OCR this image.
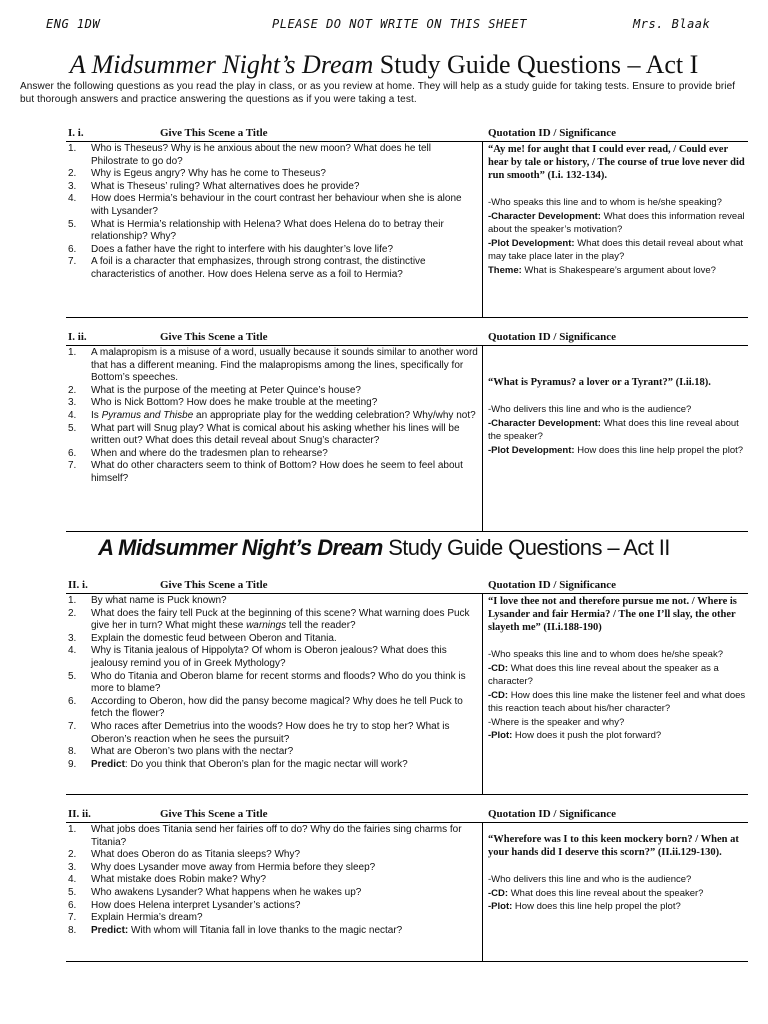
ENG 1DW	PLEASE DO NOT WRITE ON THIS SHEET	Mrs. Blaak
A Midsummer Night’s Dream Study Guide Questions – Act I
Answer the following questions as you read the play in class, or as you review at home. They will help as a study guide for taking tests. Ensure to provide brief but thorough answers and practice answering the questions as if you were taking a test.
I. i.	Give This Scene a Title	Quotation ID / Significance
1. Who is Theseus? Why is he anxious about the new moon? What does he tell Philostrate to go do?
2. Why is Egeus angry? Why has he come to Theseus?
3. What is Theseus’ ruling? What alternatives does he provide?
4. How does Hermia’s behaviour in the court contrast her behaviour when she is alone with Lysander?
5. What is Hermia’s relationship with Helena? What does Helena do to betray their relationship? Why?
6. Does a father have the right to interfere with his daughter’s love life?
7. A foil is a character that emphasizes, through strong contrast, the distinctive characteristics of another. How does Helena serve as a foil to Hermia?
“Ay me! for aught that I could ever read, / Could ever hear by tale or history, / The course of true love never did run smooth” (I.i. 132-134).
-Who speaks this line and to whom is he/she speaking?
-Character Development: What does this information reveal about the speaker’s motivation?
-Plot Development: What does this detail reveal about what may take place later in the play?
Theme: What is Shakespeare’s argument about love?
I. ii.	Give This Scene a Title	Quotation ID / Significance
1. A malapropism is a misuse of a word, usually because it sounds similar to another word that has a different meaning. Find the malapropisms among the lines, specifically for Bottom’s speeches.
2. What is the purpose of the meeting at Peter Quince’s house?
3. Who is Nick Bottom? How does he make trouble at the meeting?
4. Is Pyramus and Thisbe an appropriate play for the wedding celebration? Why/why not?
5. What part will Snug play? What is comical about his asking whether his lines will be written out? What does this detail reveal about Snug’s character?
6. When and where do the tradesmen plan to rehearse?
7. What do other characters seem to think of Bottom? How does he seem to feel about himself?
“What is Pyramus? a lover or a Tyrant?” (I.ii.18).
-Who delivers this line and who is the audience?
-Character Development: What does this line reveal about the speaker?
-Plot Development: How does this line help propel the plot?
A Midsummer Night’s Dream Study Guide Questions – Act II
II. i.	Give This Scene a Title	Quotation ID / Significance
1. By what name is Puck known?
2. What does the fairy tell Puck at the beginning of this scene? What warning does Puck give her in turn? What might these warnings tell the reader?
3. Explain the domestic feud between Oberon and Titania.
4. Why is Titania jealous of Hippolyta? Of whom is Oberon jealous? What does this jealousy remind you of in Greek Mythology?
5. Who do Titania and Oberon blame for recent storms and floods? Who do you think is more to blame?
6. According to Oberon, how did the pansy become magical? Why does he tell Puck to fetch the flower?
7. Who races after Demetrius into the woods? How does he try to stop her? What is Oberon’s reaction when he sees the pursuit?
8. What are Oberon’s two plans with the nectar?
9. Predict: Do you think that Oberon’s plan for the magic nectar will work?
“I love thee not and therefore pursue me not. / Where is Lysander and fair Hermia? / The one I’ll slay, the other slayeth me” (II.i.188-190)
-Who speaks this line and to whom does he/she speak?
-CD: What does this line reveal about the speaker as a character?
-CD: How does this line make the listener feel and what does this reaction teach about his/her character?
-Where is the speaker and why?
-Plot: How does it push the plot forward?
II. ii.	Give This Scene a Title	Quotation ID / Significance
1. What jobs does Titania send her fairies off to do? Why do the fairies sing charms for Titania?
2. What does Oberon do as Titania sleeps? Why?
3. Why does Lysander move away from Hermia before they sleep?
4. What mistake does Robin make? Why?
5. Who awakens Lysander? What happens when he wakes up?
6. How does Helena interpret Lysander’s actions?
7. Explain Hermia’s dream?
8. Predict: With whom will Titania fall in love thanks to the magic nectar?
“Wherefore was I to this keen mockery born? / When at your hands did I deserve this scorn?” (II.ii.129-130).
-Who delivers this line and who is the audience?
-CD: What does this line reveal about the speaker?
-Plot: How does this line help propel the plot?
